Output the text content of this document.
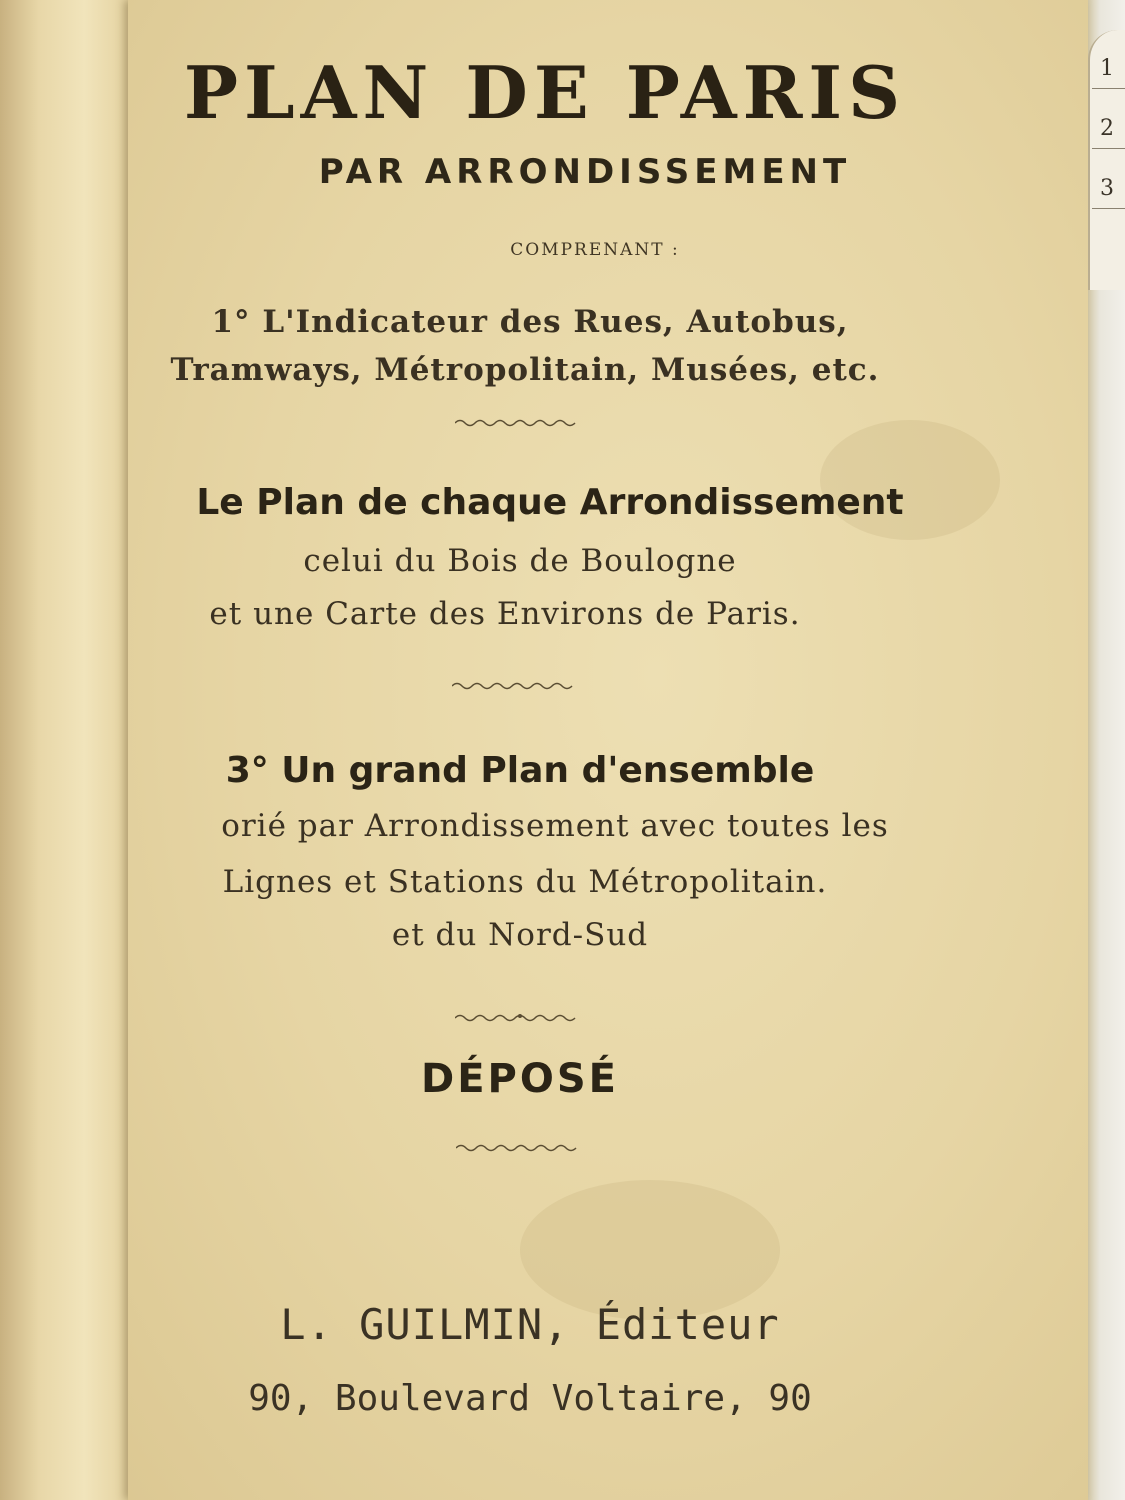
1
2
3
PLAN DE PARIS
PAR ARRONDISSEMENT
COMPRENANT :
1° L'Indicateur des Rues, Autobus,
Tramways, Métropolitain, Musées, etc.
Le Plan de chaque Arrondissement
celui du Bois de Boulogne
et une Carte des Environs de Paris.
3° Un grand Plan d'ensemble
orié par Arrondissement avec toutes les
Lignes et Stations du Métropolitain.
et du Nord-Sud
DÉPOSÉ
L. GUILMIN, Éditeur
90, Boulevard Voltaire, 90
